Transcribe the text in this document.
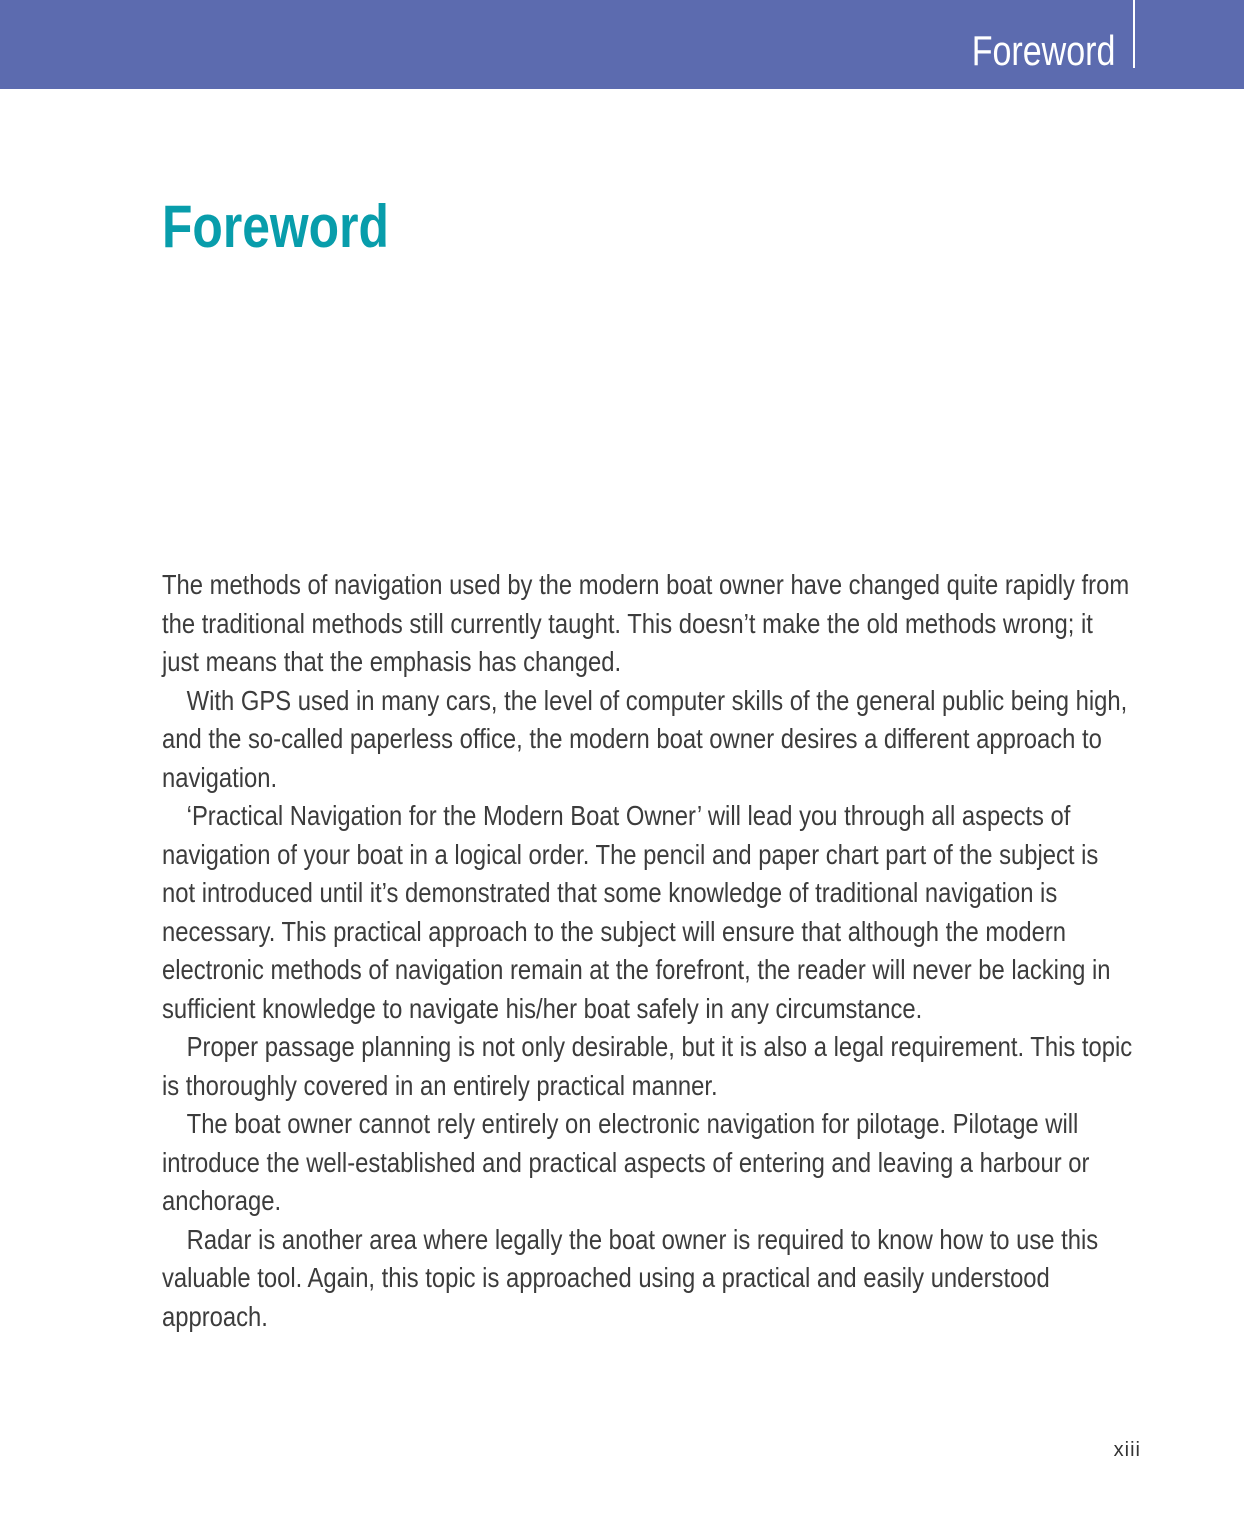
Foreword
Foreword

The methods of navigation used by the modern boat owner have changed quite rapidly from the traditional methods still currently taught. This doesn’t make the old methods wrong; it just means that the emphasis has changed.

With GPS used in many cars, the level of computer skills of the general public being high, and the so-called paperless office, the modern boat owner desires a different approach to navigation.

‘Practical Navigation for the Modern Boat Owner’ will lead you through all aspects of navigation of your boat in a logical order. The pencil and paper chart part of the subject is not introduced until it’s demonstrated that some knowledge of traditional navigation is necessary. This practical approach to the subject will ensure that although the modern electronic methods of navigation remain at the forefront, the reader will never be lacking in sufficient knowledge to navigate his/her boat safely in any circumstance.

Proper passage planning is not only desirable, but it is also a legal requirement. This topic is thoroughly covered in an entirely practical manner.

The boat owner cannot rely entirely on electronic navigation for pilotage. Pilotage will introduce the well-established and practical aspects of entering and leaving a harbour or anchorage.

Radar is another area where legally the boat owner is required to know how to use this valuable tool. Again, this topic is approached using a practical and easily understood approach.

xiii
